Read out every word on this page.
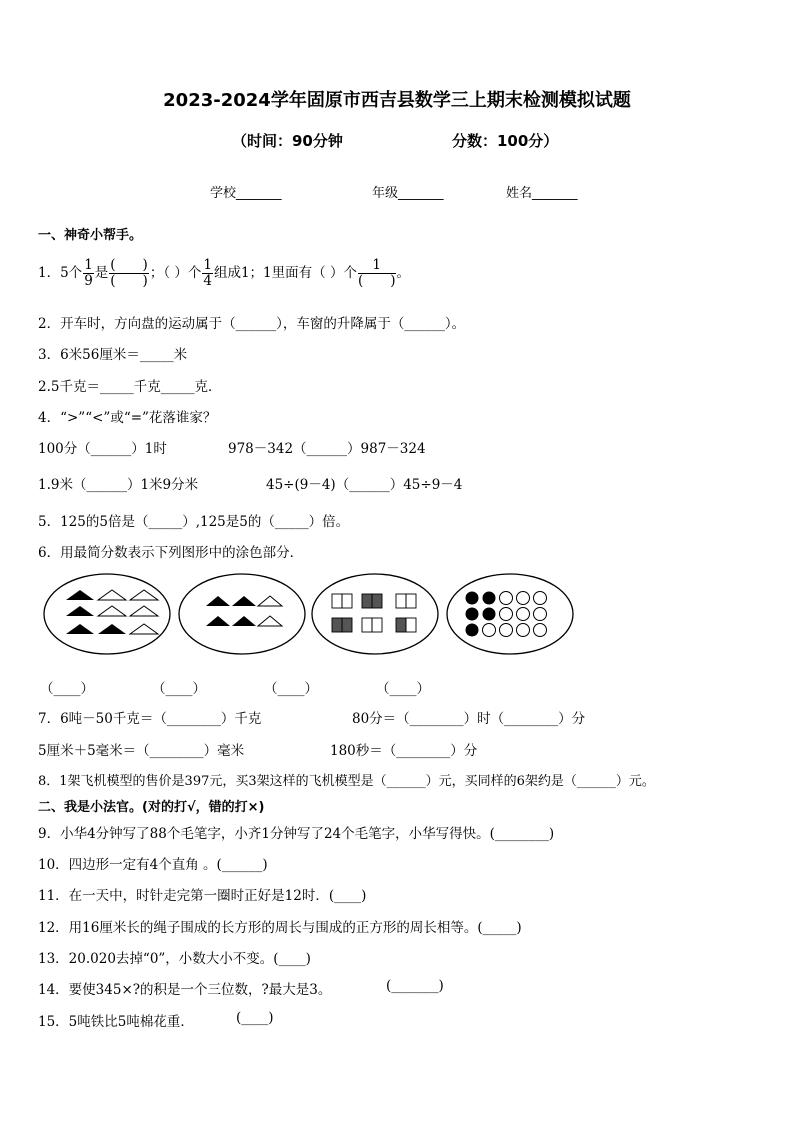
2023-2024学年固原市西吉县数学三上期末检测模拟试题
（时间：90分钟	分数：100分）
学校_______	年级_______	姓名_______
一、神奇小帮手。
1．5个 $\frac{1}{9}$ 是 $\frac{( )}{( )}$ ；（ ）个 $\frac{1}{4}$ 组成1；1里面有（ ）个 $\frac{1}{( )}$ 。
2．开车时，方向盘的运动属于（______），车窗的升降属于（______）。
3．6米56厘米＝_____米
2.5千克＝_____千克_____克．
4．“>”“<”或“=”花落谁家？
100分（______）1时	978－342（______）987－324
1.9米（______）1米9分米	45÷(9－4)（______）45÷9－4
5．125的5倍是（_____）,125是5的（_____）倍。
6．用最简分数表示下列图形中的涂色部分．
（____）	（____）	（____）	（____）
7．6吨－50千克＝（________）千克	80分＝（________）时（________）分
5厘米＋5毫米＝（________）毫米	180秒＝（________）分
8．1架飞机模型的售价是397元，买3架这样的飞机模型是（______）元，买同样的6架约是（______）元。
二、我是小法官。(对的打√，错的打×)
9．小华4分钟写了88个毛笔字，小齐1分钟写了24个毛笔字，小华写得快。(________)
10．四边形一定有4个直角 。(______)
11．在一天中，时针走完第一圈时正好是12时．(____)
12．用16厘米长的绳子围成的长方形的周长与围成的正方形的周长相等。(_____)
13．20.020去掉“0”，小数大小不变。(____)
14．要使345×?的积是一个三位数，?最大是3。	(_______)
15．5吨铁比5吨棉花重．	(____)
